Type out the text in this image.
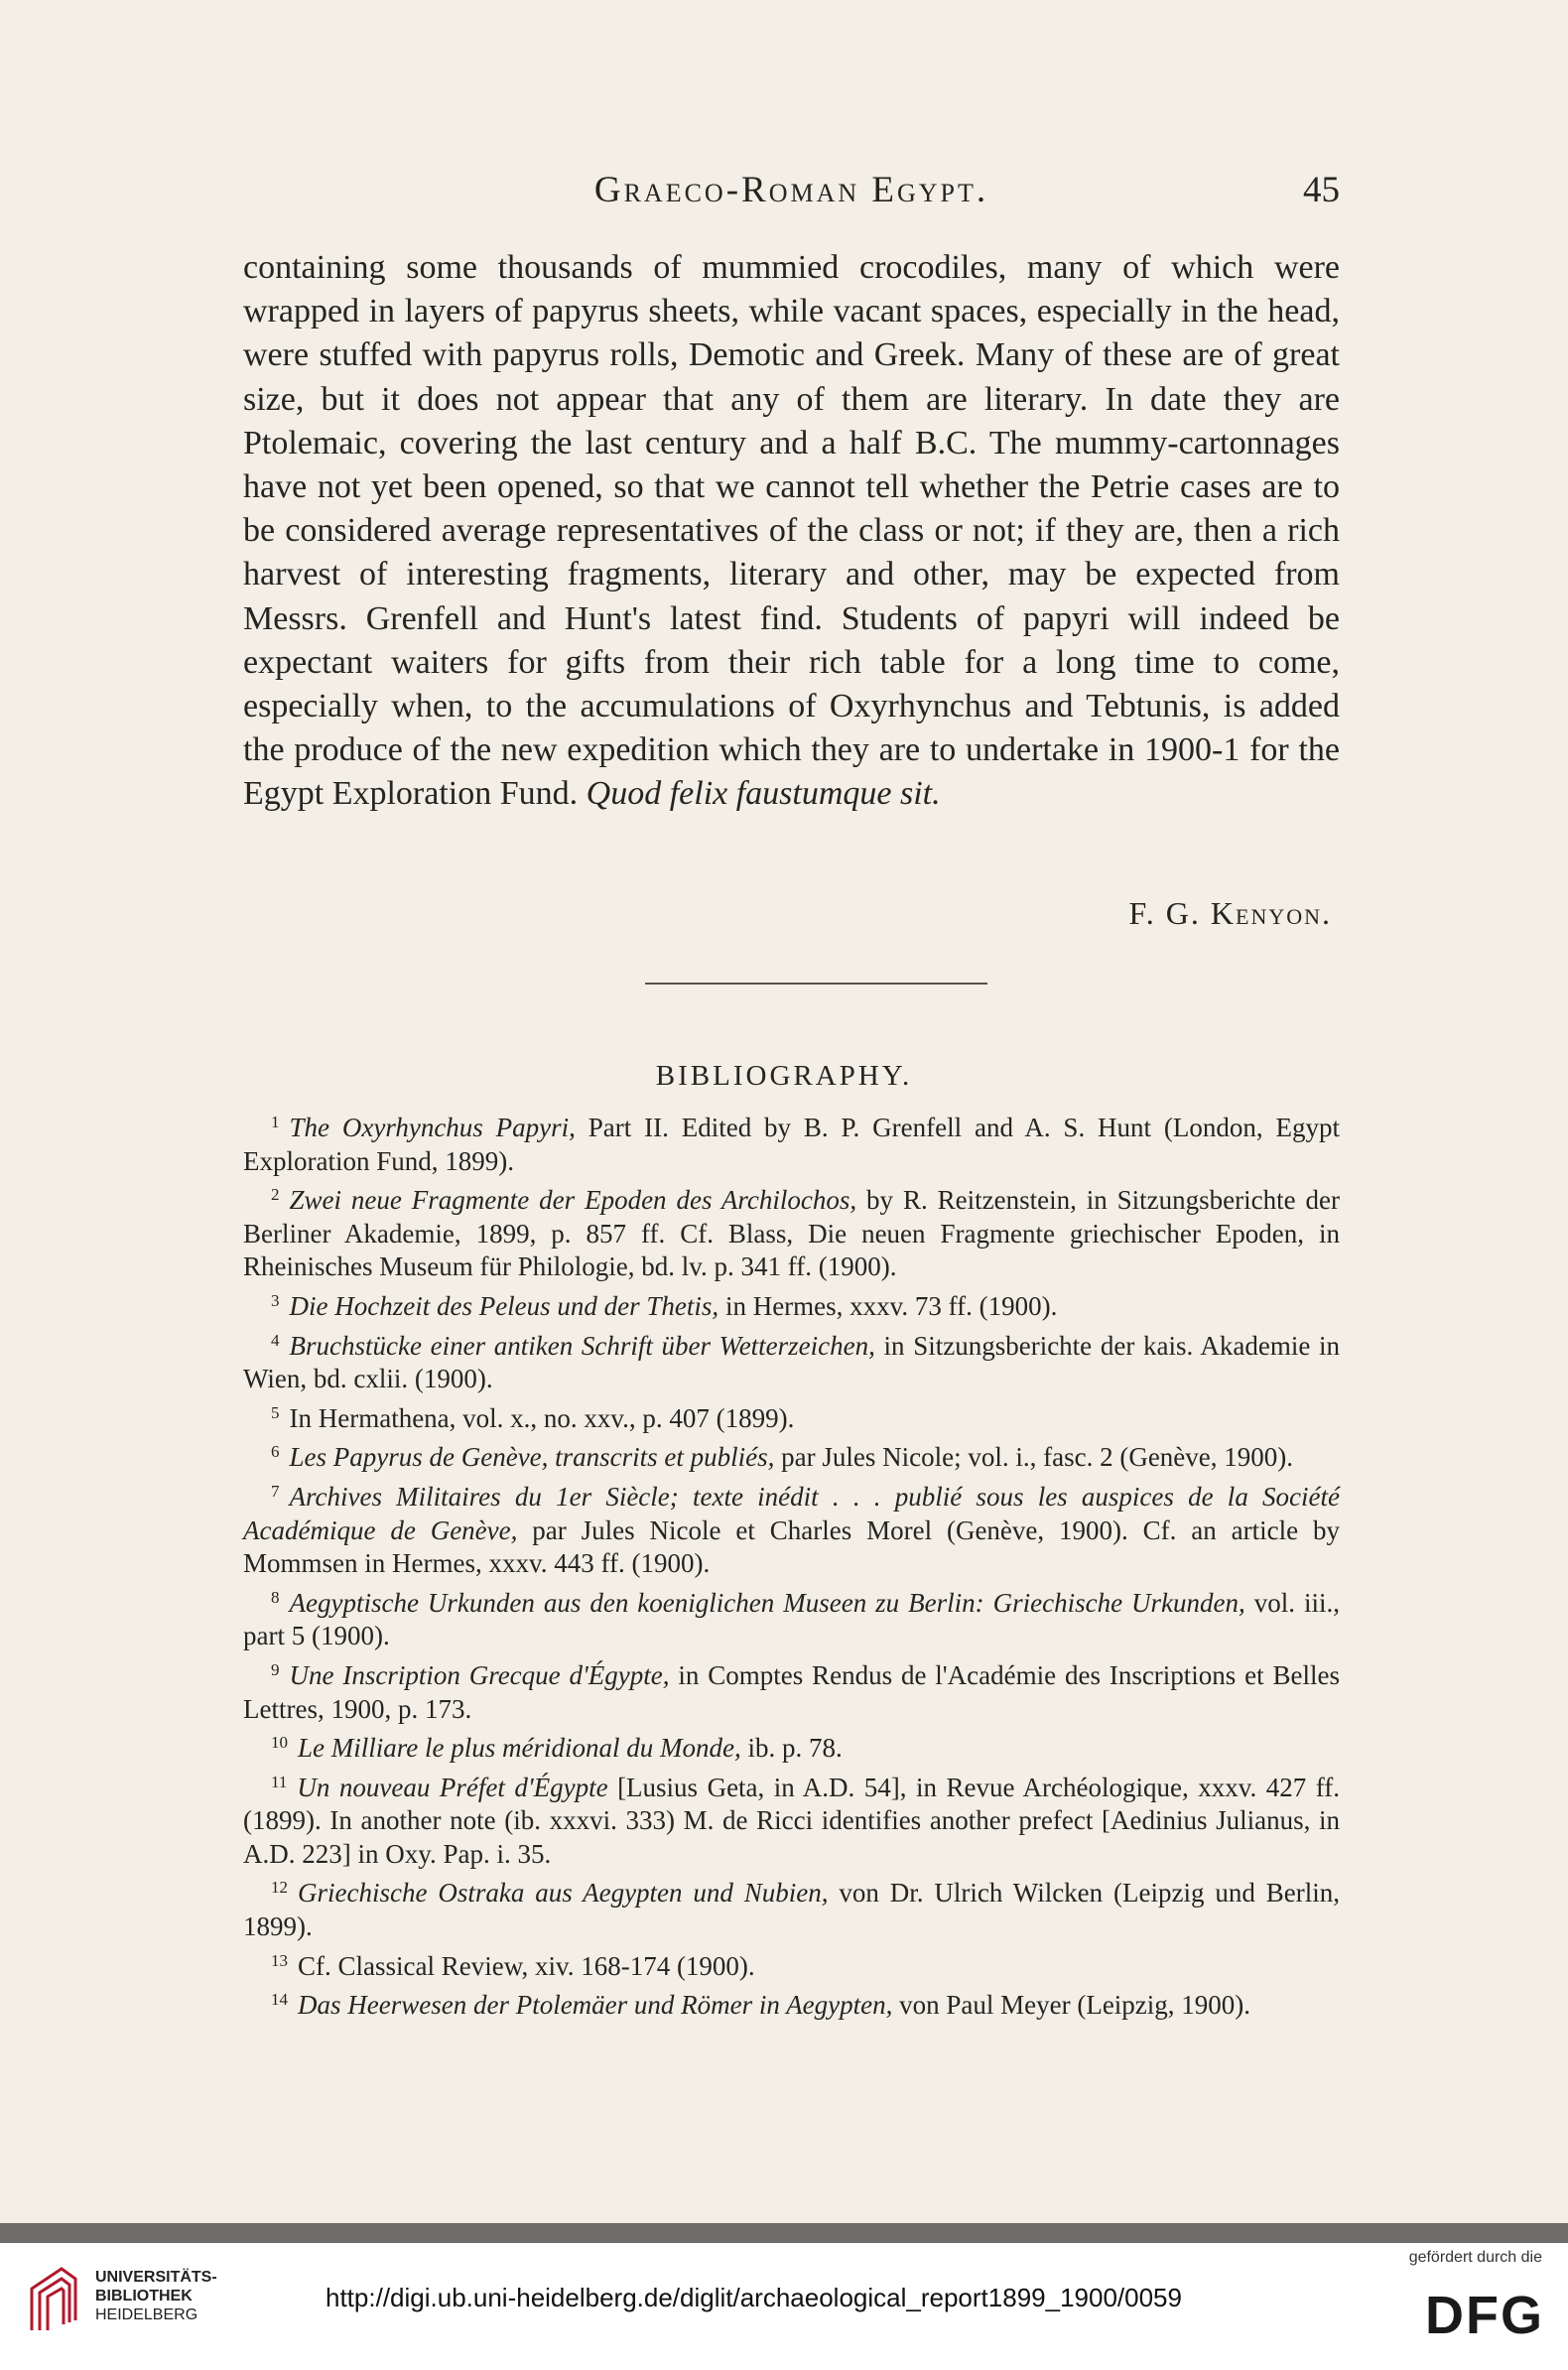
Graeco-Roman Egypt.	45

containing some thousands of mummied crocodiles, many of which were wrapped in layers of papyrus sheets, while vacant spaces, especially in the head, were stuffed with papyrus rolls, Demotic and Greek. Many of these are of great size, but it does not appear that any of them are literary. In date they are Ptolemaic, covering the last century and a half B.C. The mummy-cartonnages have not yet been opened, so that we cannot tell whether the Petrie cases are to be considered average representatives of the class or not; if they are, then a rich harvest of interesting fragments, literary and other, may be expected from Messrs. Grenfell and Hunt's latest find. Students of papyri will indeed be expectant waiters for gifts from their rich table for a long time to come, especially when, to the accumulations of Oxyrhynchus and Tebtunis, is added the produce of the new expedition which they are to undertake in 1900-1 for the Egypt Exploration Fund. Quod felix faustumque sit.

F. G. Kenyon.
BIBLIOGRAPHY.

$^1$ The Oxyrhynchus Papyri, Part II. Edited by B. P. Grenfell and A. S. Hunt (London, Egypt Exploration Fund, 1899).

$^2$ Zwei neue Fragmente der Epoden des Archilochos, by R. Reitzenstein, in Sitzungsberichte der Berliner Akademie, 1899, p. 857 ff. Cf. Blass, Die neuen Fragmente griechischer Epoden, in Rheinisches Museum für Philologie, bd. lv. p. 341 ff. (1900).

$^3$ Die Hochzeit des Peleus und der Thetis, in Hermes, xxxv. 73 ff. (1900).

$^4$ Bruchstücke einer antiken Schrift über Wetterzeichen, in Sitzungsberichte der kais. Akademie in Wien, bd. cxlii. (1900).

$^5$ In Hermathena, vol. x., no. xxv., p. 407 (1899).

$^6$ Les Papyrus de Genève, transcrits et publiés, par Jules Nicole; vol. i., fasc. 2 (Genève, 1900).

$^7$ Archives Militaires du 1er Siècle; texte inédit . . . publié sous les auspices de la Société Académique de Genève, par Jules Nicole et Charles Morel (Genève, 1900). Cf. an article by Mommsen in Hermes, xxxv. 443 ff. (1900).

$^8$ Aegyptische Urkunden aus den koeniglichen Museen zu Berlin: Griechische Urkunden, vol. iii., part 5 (1900).

$^9$ Une Inscription Grecque d'Égypte, in Comptes Rendus de l'Académie des Inscriptions et Belles Lettres, 1900, p. 173.

$^{10}$ Le Milliare le plus méridional du Monde, ib. p. 78.

$^{11}$ Un nouveau Préfet d'Égypte [Lusius Geta, in A.D. 54], in Revue Archéologique, xxxv. 427 ff. (1899). In another note (ib. xxxvi. 333) M. de Ricci identifies another prefect [Aedinius Julianus, in A.D. 223] in Oxy. Pap. i. 35.

$^{12}$ Griechische Ostraka aus Aegypten und Nubien, von Dr. Ulrich Wilcken (Leipzig und Berlin, 1899).

$^{13}$ Cf. Classical Review, xiv. 168-174 (1900).

$^{14}$ Das Heerwesen der Ptolemäer und Römer in Aegypten, von Paul Meyer (Leipzig, 1900).

UNIVERSITÄTS-
BIBLIOTHEK
HEIDELBERG
http://digi.ub.uni-heidelberg.de/diglit/archaeological_report1899_1900/0059
gefördert durch die
DFG
